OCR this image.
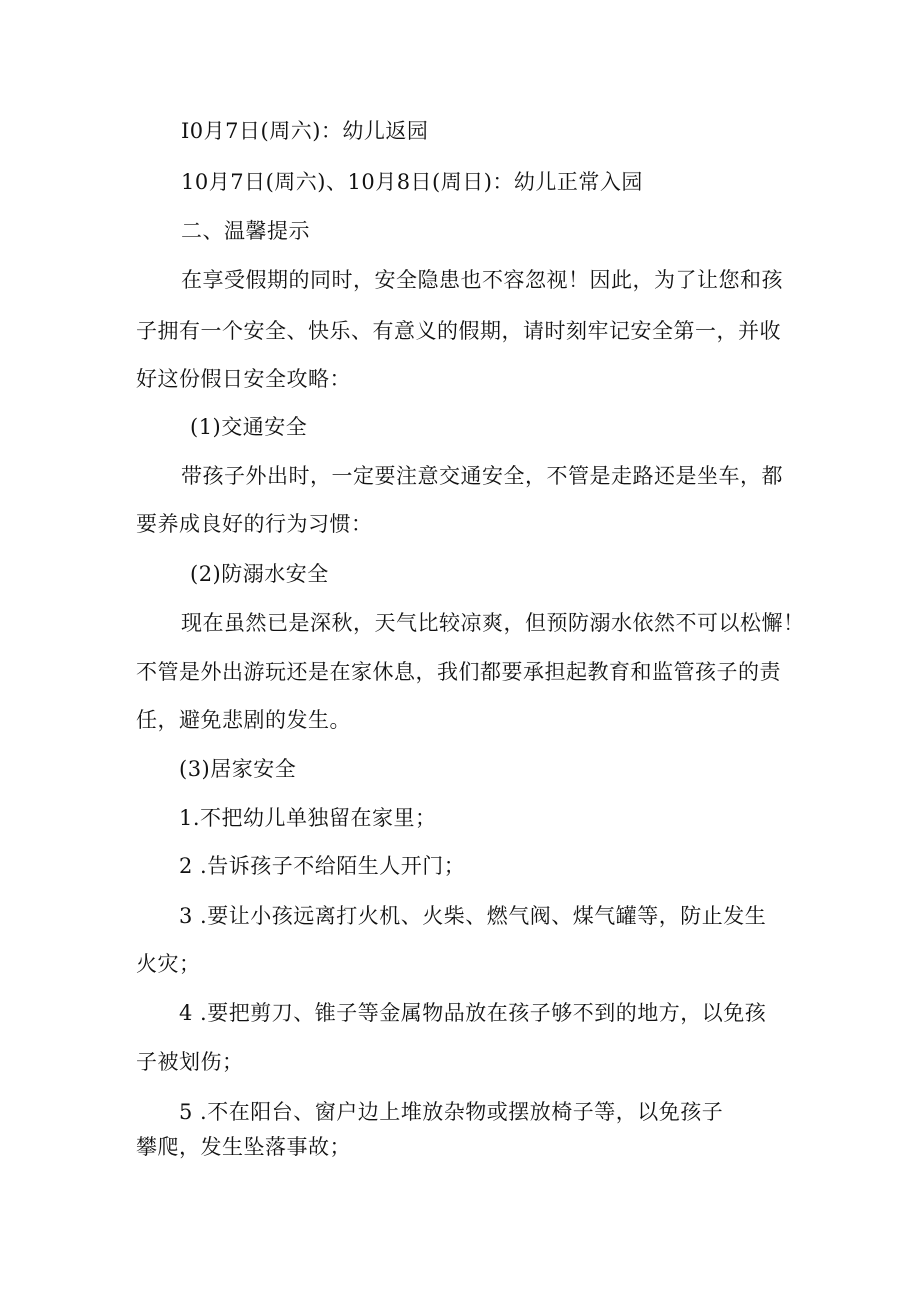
I0月7日(周六)：幼儿返园
10月7日(周六)、10月8日(周日)：幼儿正常入园
二、温馨提示
在享受假期的同时，安全隐患也不容忽视！因此，为了让您和孩
子拥有一个安全、快乐、有意义的假期，请时刻牢记安全第一，并收
好这份假日安全攻略：
(1)交通安全
带孩子外出时，一定要注意交通安全，不管是走路还是坐车，都
要养成良好的行为习惯：
(2)防溺水安全
现在虽然已是深秋，天气比较凉爽，但预防溺水依然不可以松懈！
不管是外出游玩还是在家休息，我们都要承担起教育和监管孩子的责
任，避免悲剧的发生。
(3)居家安全
1.不把幼儿单独留在家里；
2 .告诉孩子不给陌生人开门；
3 .要让小孩远离打火机、火柴、燃气阀、煤气罐等，防止发生
火灾；
4 .要把剪刀、锥子等金属物品放在孩子够不到的地方，以免孩
子被划伤；
5 .不在阳台、窗户边上堆放杂物或摆放椅子等，以免孩子
攀爬，发生坠落事故；
